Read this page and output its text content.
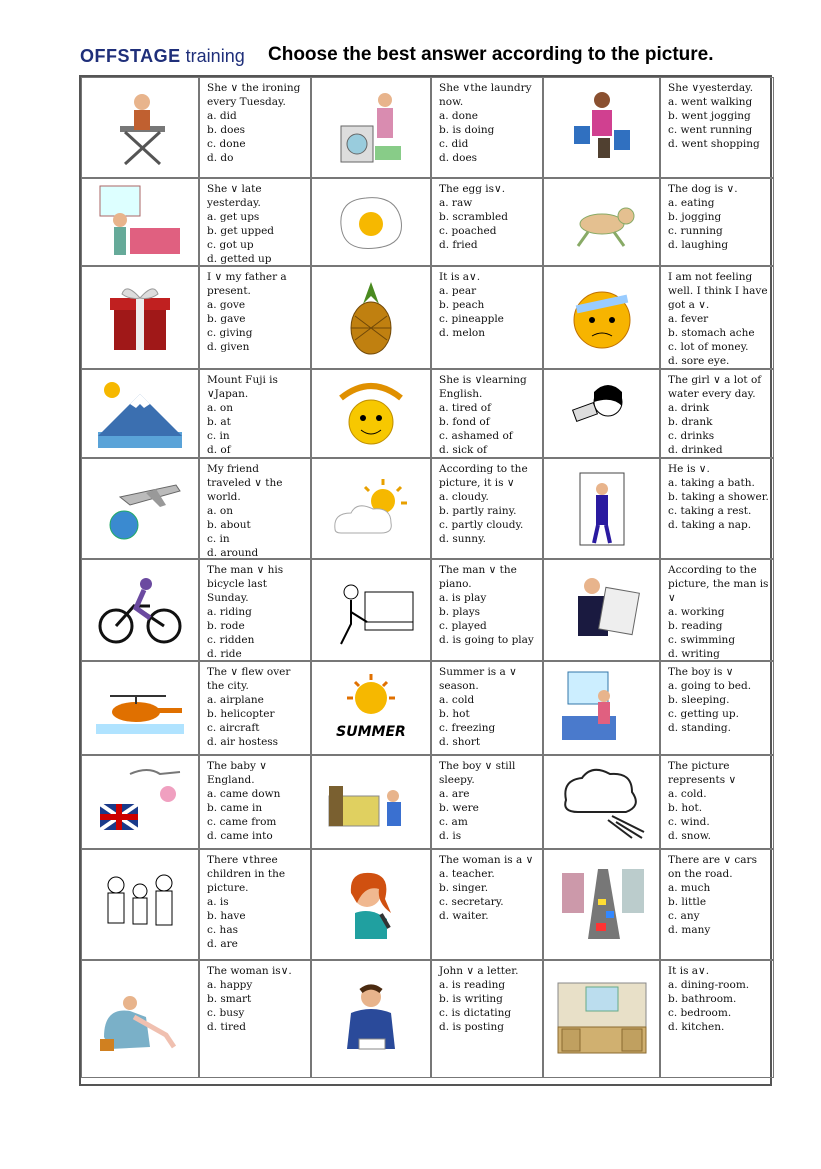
OFFSTAGE training Choose the best answer according to the picture.
She ∨ the ironing every Tuesday.
a. did
b. does
c. done
d. do
She ∨the laundry now.
a. done
b. is doing
c. did
d. does
She ∨yesterday.
a. went walking
b. went jogging
c. went running
d. went shopping
She ∨ late yesterday.
a. get ups
b. get upped
c. got up
d. getted up
The egg is∨.
a. raw
b. scrambled
c. poached
d. fried
The dog is ∨.
a. eating
b. jogging
c. running
d. laughing
I ∨ my father a present.
a. gove
b. gave
c. giving
d. given
It is a∨.
a. pear
b. peach
c. pineapple
d. melon
I am not feeling well. I think I have got a ∨.
a. fever
b. stomach ache
c. lot of money.
d. sore eye.
Mount Fuji is ∨Japan.
a. on
b. at
c. in
d. of
She is ∨learning English.
a. tired of
b. fond of
c. ashamed of
d. sick of
The girl ∨ a lot of water every day.
a. drink
b. drank
c. drinks
d. drinked
My friend traveled ∨ the world.
a. on
b. about
c. in
d. around
According to the picture, it is ∨
a. cloudy.
b. partly rainy.
c. partly cloudy.
d. sunny.
He is ∨.
a. taking a bath.
b. taking a shower.
c. taking a rest.
d. taking a nap.
The man ∨ his bicycle last Sunday.
a. riding
b. rode
c. ridden
d. ride
The man ∨ the piano.
a. is play
b. plays
c. played
d. is going to play
According to the picture, the man is ∨
a. working
b. reading
c. swimming
d. writing
The ∨ flew over the city.
a. airplane
b. helicopter
c. aircraft
d. air hostess
SUMMER
Summer is a ∨ season.
a. cold
b. hot
c. freezing
d. short
The boy is ∨
a. going to bed.
b. sleeping.
c. getting up.
d. standing.
The baby ∨ England.
a. came down
b. came in
c. came from
d. came into
The boy ∨ still sleepy.
a. are
b. were
c. am
d. is
The picture represents ∨
a. cold.
b. hot.
c. wind.
d. snow.
There ∨three children in the picture.
a. is
b. have
c. has
d. are
The woman is a ∨
a. teacher.
b. singer.
c. secretary.
d. waiter.
There are ∨ cars on the road.
a. much
b. little
c. any
d. many
The woman is∨.
a. happy
b. smart
c. busy
d. tired
John ∨ a letter.
a. is reading
b. is writing
c. is dictating
d. is posting
It is a∨.
a. dining-room.
b. bathroom.
c. bedroom.
d. kitchen.
